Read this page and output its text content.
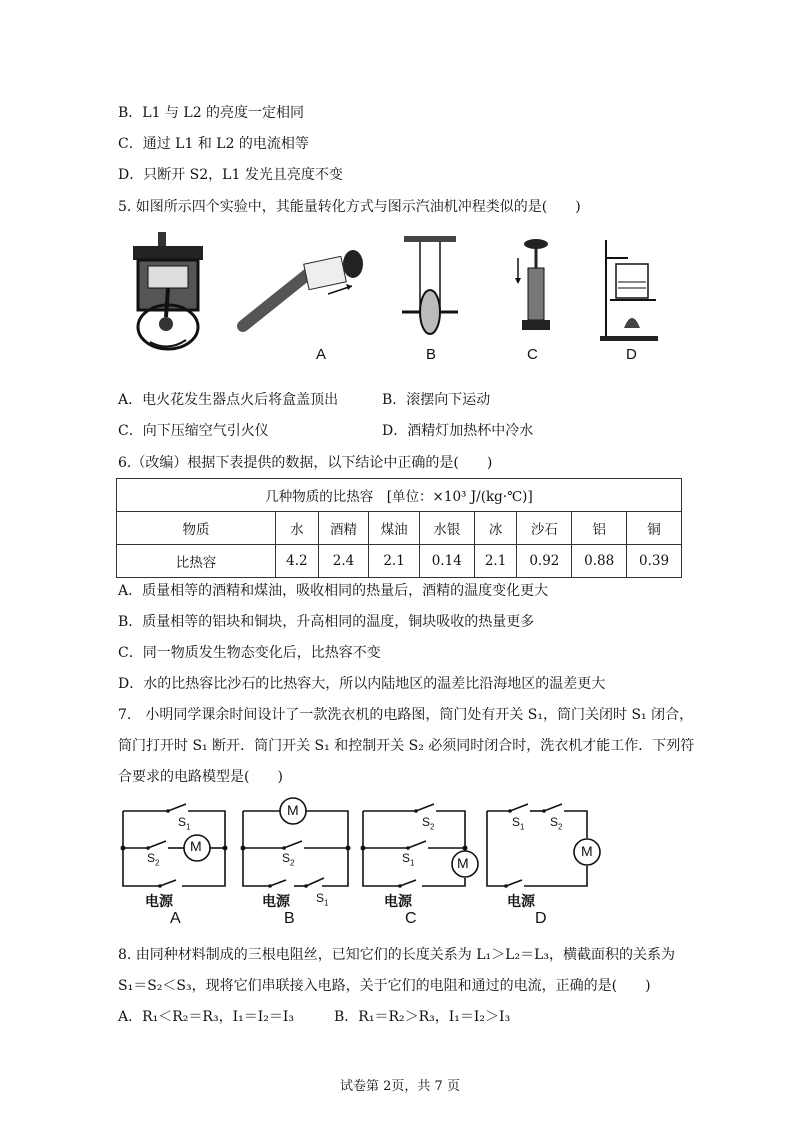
B．L1 与 L2 的亮度一定相同
C．通过 L1 和 L2 的电流相等
D．只断开 S2，L1 发光且亮度不变
5. 如图所示四个实验中，其能量转化方式与图示汽油机冲程类似的是(　　)
A	B	C	D
A．电火花发生器点火后将盒盖顶出	B．滚摆向下运动
C．向下压缩空气引火仪	D．酒精灯加热杯中冷水
6.（改编）根据下表提供的数据，以下结论中正确的是(　　)
几种物质的比热容　[单位：×10³ J/(kg·℃)]								
物质	水	酒精	煤油	水银	冰	沙石	铝	铜
比热容	4.2	2.4	2.1	0.14	2.1	0.92	0.88	0.39
A．质量相等的酒精和煤油，吸收相同的热量后，酒精的温度变化更大
B．质量相等的铝块和铜块，升高相同的温度，铜块吸收的热量更多
C．同一物质发生物态变化后，比热容不变
D．水的比热容比沙石的比热容大，所以内陆地区的温差比沿海地区的温差更大
7.　小明同学课余时间设计了一款洗衣机的电路图，筒门处有开关 S₁，筒门关闭时 S₁ 闭合，
筒门打开时 S₁ 断开．筒门开关 S₁ 和控制开关 S₂ 必须同时闭合时，洗衣机才能工作．下列符
合要求的电路模型是(　　)
M
$S_1$
$S_2$
电源
A
M
$S_2$
$S_1$
电源
B
M
$S_2$
$S_1$
电源
C
M
$S_1$ $S_2$
电源
D
8. 由同种材料制成的三根电阻丝，已知它们的长度关系为 L₁＞L₂＝L₃，横截面积的关系为
S₁＝S₂＜S₃，现将它们串联接入电路，关于它们的电阻和通过的电流，正确的是(　　)
A．R₁＜R₂＝R₃，I₁＝I₂＝I₃	B．R₁＝R₂＞R₃，I₁＝I₂＞I₃
试卷第 2页，共 7 页
